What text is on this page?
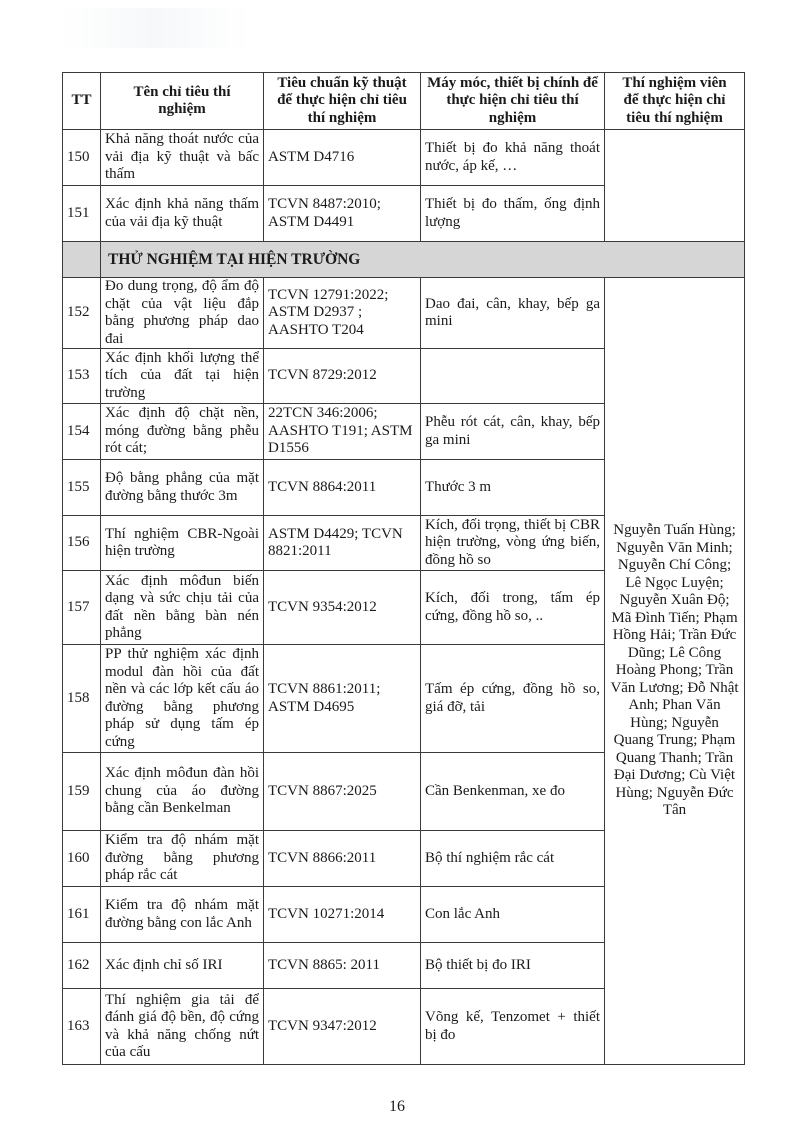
TT	Tên chỉ tiêu thí nghiệm	Tiêu chuẩn kỹ thuật để thực hiện chỉ tiêu thí nghiệm	Máy móc, thiết bị chính để thực hiện chỉ tiêu thí nghiệm	Thí nghiệm viên để thực hiện chỉ tiêu thí nghiệm
150	Khả năng thoát nước của vải địa kỹ thuật và bấc thấm	ASTM D4716	Thiết bị đo khả năng thoát nước, áp kế, …	
151	Xác định khả năng thấm của vải địa kỹ thuật	TCVN 8487:2010; ASTM D4491	Thiết bị đo thấm, ống định lượng	
	THỬ NGHIỆM TẠI HIỆN TRƯỜNG			
152	Đo dung trọng, độ ẩm độ chặt của vật liệu đắp bằng phương pháp dao đai	TCVN 12791:2022; ASTM D2937 ; AASHTO T204	Dao đai, cân, khay, bếp ga mini	Nguyễn Tuấn Hùng; Nguyễn Văn Minh; Nguyễn Chí Công; Lê Ngọc Luyện; Nguyễn Xuân Độ; Mã Đình Tiến; Phạm Hồng Hải; Trần Đức Dũng; Lê Công Hoàng Phong; Trần Văn Lương; Đỗ Nhật Anh; Phan Văn Hùng; Nguyễn Quang Trung; Phạm Quang Thanh; Trần Đại Dương; Cù Việt Hùng; Nguyễn Đức Tân
153	Xác định khối lượng thể tích của đất tại hiện trường	TCVN 8729:2012		
154	Xác định độ chặt nền, móng đường bằng phễu rót cát;	22TCN 346:2006; AASHTO T191; ASTM D1556	Phễu rót cát, cân, khay, bếp ga mini	
155	Độ bằng phẳng của mặt đường bằng thước 3m	TCVN 8864:2011	Thước 3 m	
156	Thí nghiệm CBR-Ngoài hiện trường	ASTM D4429; TCVN 8821:2011	Kích, đối trọng, thiết bị CBR hiện trường, vòng ứng biến, đồng hồ so	
157	Xác định môđun biến dạng và sức chịu tải của đất nền bằng bàn nén phẳng	TCVN 9354:2012	Kích, đối trong, tấm ép cứng, đồng hồ so, ..	
158	PP thử nghiệm xác định modul đàn hồi của đất nền và các lớp kết cấu áo đường bằng phương pháp sử dụng tấm ép cứng	TCVN 8861:2011; ASTM D4695	Tấm ép cứng, đồng hồ so, giá đỡ, tải	
159	Xác định môđun đàn hồi chung của áo đường bằng cần Benkelman	TCVN 8867:2025	Cần Benkenman, xe đo	
160	Kiểm tra độ nhám mặt đường bằng phương pháp rắc cát	TCVN 8866:2011	Bộ thí nghiệm rắc cát	
161	Kiểm tra độ nhám mặt đường bằng con lắc Anh	TCVN 10271:2014	Con lắc Anh	
162	Xác định chỉ số IRI	TCVN 8865: 2011	Bộ thiết bị đo IRI	
163	Thí nghiệm gia tải để đánh giá độ bền, độ cứng và khả năng chống nứt của cấu	TCVN 9347:2012	Võng kế, Tenzomet + thiết bị đo	
16
